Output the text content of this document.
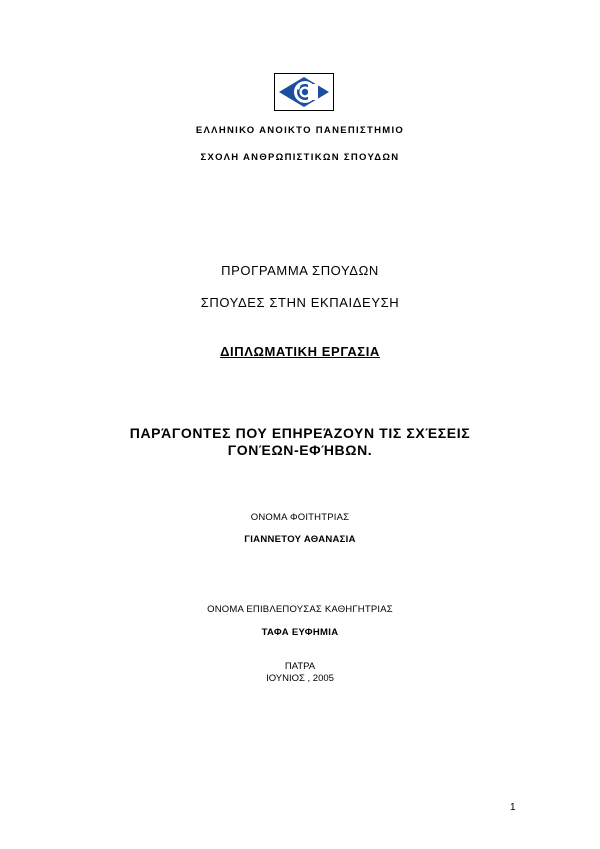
ΕΛΛΗΝΙΚΟ ΑΝΟΙΚΤΟ ΠΑΝΕΠΙΣΤΗΜΙΟ
ΣΧΟΛΗ ΑΝΘΡΩΠΙΣΤΙΚΩΝ ΣΠΟΥΔΩΝ
ΠΡΟΓΡΑΜΜΑ ΣΠΟΥΔΩΝ
ΣΠΟΥΔΕΣ ΣΤΗΝ ΕΚΠΑΙΔΕΥΣΗ
ΔΙΠΛΩΜΑΤΙΚΗ ΕΡΓΑΣΙΑ
ΠΑΡΆΓΟΝΤΕΣ ΠΟΥ ΕΠΗΡΕΆΖΟΥΝ ΤΙΣ ΣΧΈΣΕΙΣ
ΓΟΝΈΩΝ-ΕΦΉΒΩΝ.
ΟΝΟΜΑ ΦΟΙΤΗΤΡΙΑΣ
ΓΙΑΝΝΕΤΟΥ ΑΘΑΝΑΣΙΑ
ΟΝΟΜΑ ΕΠΙΒΛΕΠΟΥΣΑΣ ΚΑΘΗΓΗΤΡΙΑΣ
ΤΑΦΑ ΕΥΦΗΜΙΑ
ΠΑΤΡΑ
ΙΟΥΝΙΟΣ , 2005
1
